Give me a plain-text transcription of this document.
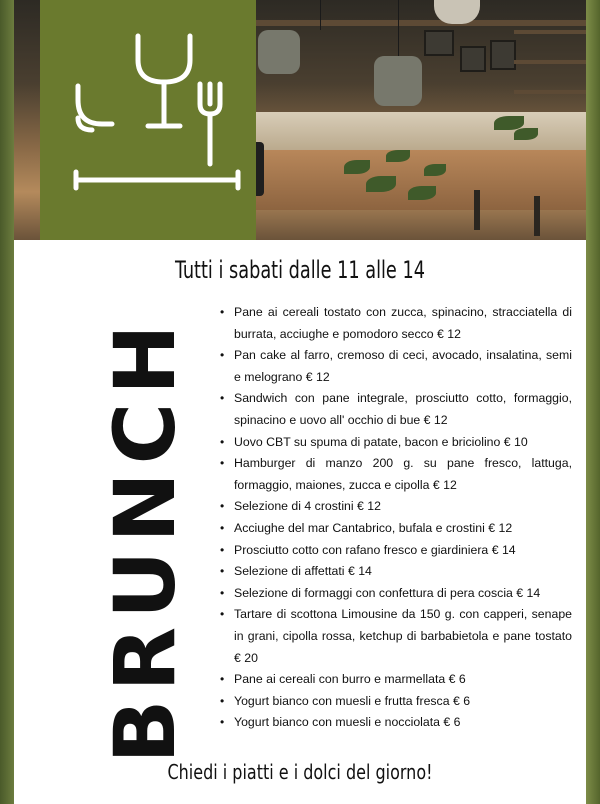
Tutti i sabati dalle 11 alle 14
BRUNCH
• Pane ai cereali tostato con zucca, spinacino, stracciatella di burrata, acciughe e pomodoro secco € 12
• Pan cake al farro, cremoso di ceci, avocado, insalatina, semi e melograno € 12
• Sandwich con pane integrale, prosciutto cotto, formaggio, spinacino e uovo all' occhio di bue € 12
• Uovo CBT su spuma di patate, bacon e briciolino € 10
• Hamburger di manzo 200 g. su pane fresco, lattuga, formaggio, maiones, zucca e cipolla € 12
• Selezione di 4 crostini € 12
• Acciughe del mar Cantabrico, bufala e crostini € 12
• Prosciutto cotto con rafano fresco e giardiniera € 14
• Selezione di affettati € 14
• Selezione di formaggi con confettura di pera coscia € 14
• Tartare di scottona Limousine da 150 g. con capperi, senape in grani, cipolla rossa, ketchup di barbabietola e pane tostato € 20
• Pane ai cereali con burro e marmellata € 6
• Yogurt bianco con muesli e frutta fresca € 6
• Yogurt bianco con muesli e nocciolata € 6
Chiedi i piatti e i dolci del giorno!
